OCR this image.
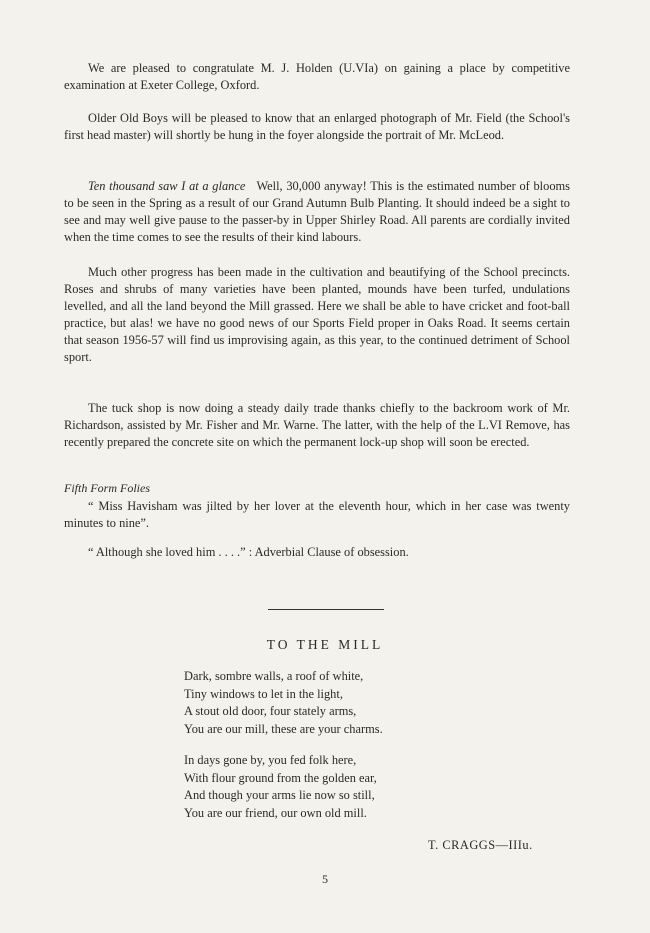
We are pleased to congratulate M. J. Holden (U.VIa) on gaining a place by competitive examination at Exeter College, Oxford.

Older Old Boys will be pleased to know that an enlarged photograph of Mr. Field (the School's first head master) will shortly be hung in the foyer alongside the portrait of Mr. McLeod.

Ten thousand saw I at a glance Well, 30,000 anyway! This is the estimated number of blooms to be seen in the Spring as a result of our Grand Autumn Bulb Planting. It should indeed be a sight to see and may well give pause to the passer-by in Upper Shirley Road. All parents are cordially invited when the time comes to see the results of their kind labours.

Much other progress has been made in the cultivation and beautifying of the School precincts. Roses and shrubs of many varieties have been planted, mounds have been turfed, undulations levelled, and all the land beyond the Mill grassed. Here we shall be able to have cricket and foot-ball practice, but alas! we have no good news of our Sports Field proper in Oaks Road. It seems certain that season 1956-57 will find us improvising again, as this year, to the continued detriment of School sport.

The tuck shop is now doing a steady daily trade thanks chiefly to the backroom work of Mr. Richardson, assisted by Mr. Fisher and Mr. Warne. The latter, with the help of the L.VI Remove, has recently prepared the concrete site on which the permanent lock-up shop will soon be erected.

Fifth Form Folies

“ Miss Havisham was jilted by her lover at the eleventh hour, which in her case was twenty minutes to nine”.

“ Although she loved him . . . .” : Adverbial Clause of obsession.

TO THE MILL

Dark, sombre walls, a roof of white,
Tiny windows to let in the light,
A stout old door, four stately arms,
You are our mill, these are your charms.
In days gone by, you fed folk here,
With flour ground from the golden ear,
And though your arms lie now so still,
You are our friend, our own old mill.

T. CRAGGS—IIIu.

5
